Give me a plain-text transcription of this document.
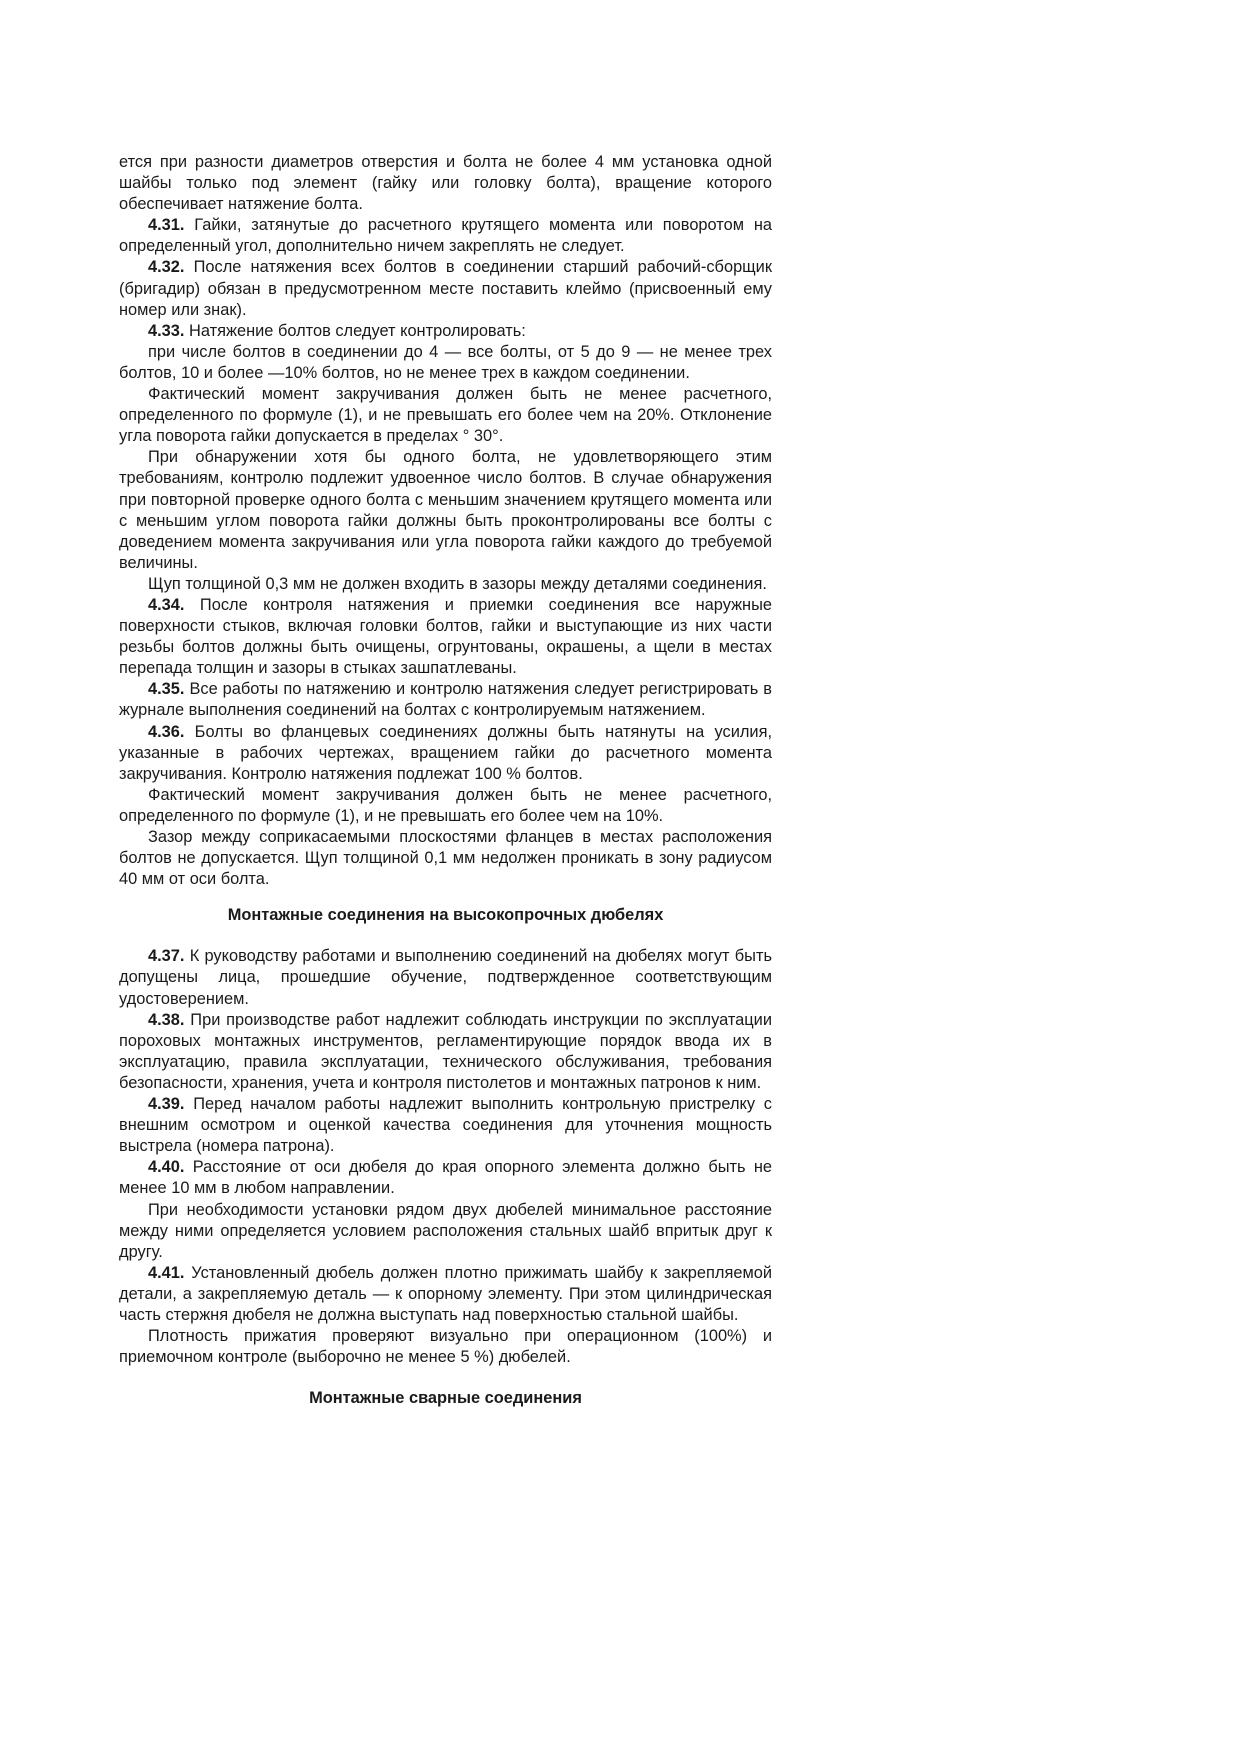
ется при разности диаметров отверстия и болта не более 4 мм установка одной шайбы только под элемент (гайку или головку болта), вращение которого обеспечивает натяжение болта.

4.31. Гайки, затянутые до расчетного крутящего момента или поворотом на определенный угол, дополнительно ничем закреплять не следует.

4.32. После натяжения всех болтов в соединении старший рабочий-сборщик (бригадир) обязан в предусмотренном месте поставить клеймо (присвоенный ему номер или знак).

4.33. Натяжение болтов следует контролировать:

при числе болтов в соединении до 4 — все болты, от 5 до 9 — не менее трех болтов, 10 и более —10% болтов, но не менее трех в каждом соединении.

Фактический момент закручивания должен быть не менее расчетного, определенного по формуле (1), и не превышать его более чем на 20%. Отклонение угла поворота гайки допускается в пределах ° 30°.

При обнаружении хотя бы одного болта, не удовлетворяющего этим требованиям, контролю подлежит удвоенное число болтов. В случае обнаружения при повторной проверке одного болта с меньшим значением крутящего момента или с меньшим углом поворота гайки должны быть проконтролированы все болты с доведением момента закручивания или угла поворота гайки каждого до требуемой величины.

Щуп толщиной 0,3 мм не должен входить в зазоры между деталями соединения.

4.34. После контроля натяжения и приемки соединения все наружные поверхности стыков, включая головки болтов, гайки и выступающие из них части резьбы болтов должны быть очищены, огрунтованы, окрашены, а щели в местах перепада толщин и зазоры в стыках зашпатлеваны.

4.35. Все работы по натяжению и контролю натяжения следует регистрировать в журнале выполнения соединений на болтах с контролируемым натяжением.

4.36. Болты во фланцевых соединениях должны быть натянуты на усилия, указанные в рабочих чертежах, вращением гайки до расчетного момента закручивания. Контролю натяжения подлежат 100 % болтов.

Фактический момент закручивания должен быть не менее расчетного, определенного по формуле (1), и не превышать его более чем на 10%.

Зазор между соприкасаемыми плоскостями фланцев в местах расположения болтов не допускается. Щуп толщиной 0,1 мм недолжен проникать в зону радиусом 40 мм от оси болта.

Монтажные соединения на высокопрочных дюбелях

4.37. К руководству работами и выполнению соединений на дюбелях могут быть допущены лица, прошедшие обучение, подтвержденное соответствующим удостоверением.

4.38. При производстве работ надлежит соблюдать инструкции по эксплуатации пороховых монтажных инструментов, регламентирующие порядок ввода их в эксплуатацию, правила эксплуатации, технического обслуживания, требования безопасности, хранения, учета и контроля пистолетов и монтажных патронов к ним.

4.39. Перед началом работы надлежит выполнить контрольную пристрелку с внешним осмотром и оценкой качества соединения для уточнения мощность выстрела (номера патрона).

4.40. Расстояние от оси дюбеля до края опорного элемента должно быть не менее 10 мм в любом направлении.

При необходимости установки рядом двух дюбелей минимальное расстояние между ними определяется условием расположения стальных шайб впритык друг к другу.

4.41. Установленный дюбель должен плотно прижимать шайбу к закрепляемой детали, а закрепляемую деталь — к опорному элементу. При этом цилиндрическая часть стержня дюбеля не должна выступать над поверхностью стальной шайбы.

Плотность прижатия проверяют визуально при операционном (100%) и приемочном контроле (выборочно не менее 5 %) дюбелей.

Монтажные сварные соединения
